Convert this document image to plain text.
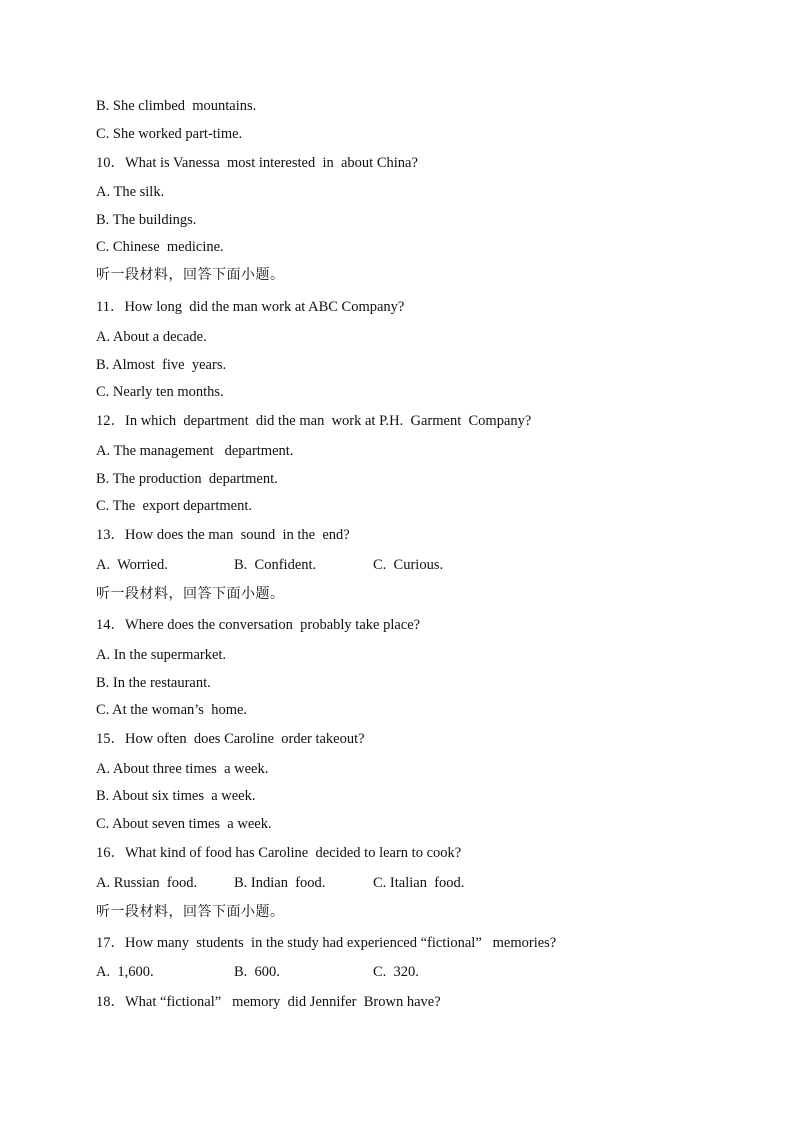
B. She climbed  mountains.
C. She worked part-time.
10．What is Vanessa  most interested  in  about China?
A. The silk.
B. The buildings.
C. Chinese  medicine.
听一段材料，回答下面小题。
11．How long  did the man work at ABC Company?
A. About a decade.
B. Almost  five  years.
C. Nearly ten months.
12．In which  department  did the man  work at P.H.  Garment  Company?
A. The management   department.
B. The production  department.
C. The  export department.
13．How does the man  sound  in the  end?
A.  Worried.	B.  Confident.	C.  Curious.
听一段材料，回答下面小题。
14．Where does the conversation  probably take place?
A. In the supermarket.
B. In the restaurant.
C. At the woman’s  home.
15．How often  does Caroline  order takeout?
A. About three times  a week.
B. About six times  a week.
C. About seven times  a week.
16．What kind of food has Caroline  decided to learn to cook?
A. Russian  food.	B. Indian  food.	C. Italian  food.
听一段材料，回答下面小题。
17．How many  students  in the study had experienced “fictional”   memories?
A.  1,600.	B.  600.	C.  320.
18．What “fictional”   memory  did Jennifer  Brown have?
